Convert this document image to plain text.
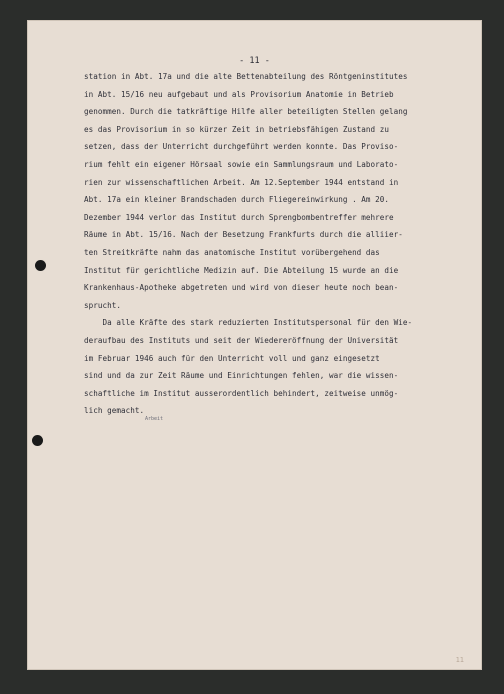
- 11 -
station in Abt. 17a und die alte Bettenabteilung des Röntgeninstitutes
in Abt. 15/16 neu aufgebaut und als Provisorium Anatomie in Betrieb
genommen. Durch die tatkräftige Hilfe aller beteiligten Stellen gelang
es das Provisorium in so kürzer Zeit in betriebsfähigen Zustand zu
setzen, dass der Unterricht durchgeführt werden konnte. Das Proviso-
rium fehlt ein eigener Hörsaal sowie ein Sammlungsraum und Laborato-
rien zur wissenschaftlichen Arbeit. Am 12.September 1944 entstand in
Abt. 17a ein kleiner Brandschaden durch Fliegereinwirkung . Am 20.
Dezember 1944 verlor das Institut durch Sprengbombentreffer mehrere
Räume in Abt. 15/16. Nach der Besetzung Frankfurts durch die alliier-
ten Streitkräfte nahm das anatomische Institut vorübergehend das
Institut für gerichtliche Medizin auf. Die Abteilung 15 wurde an die
Krankenhaus-Apotheke abgetreten und wird von dieser heute noch bean-
sprucht.
Da alle Kräfte des stark reduzierten Institutspersonal für den Wie-
deraufbau des Instituts und seit der Wiedereröffnung der Universität
im Februar 1946 auch für den Unterricht voll und ganz eingesetzt
sind und da zur Zeit Räume und Einrichtungen fehlen, war die wissen-
schaftliche im Institut ausserordentlich behindert, zeitweise unmög-
lich gemacht.
Arbeit
11
